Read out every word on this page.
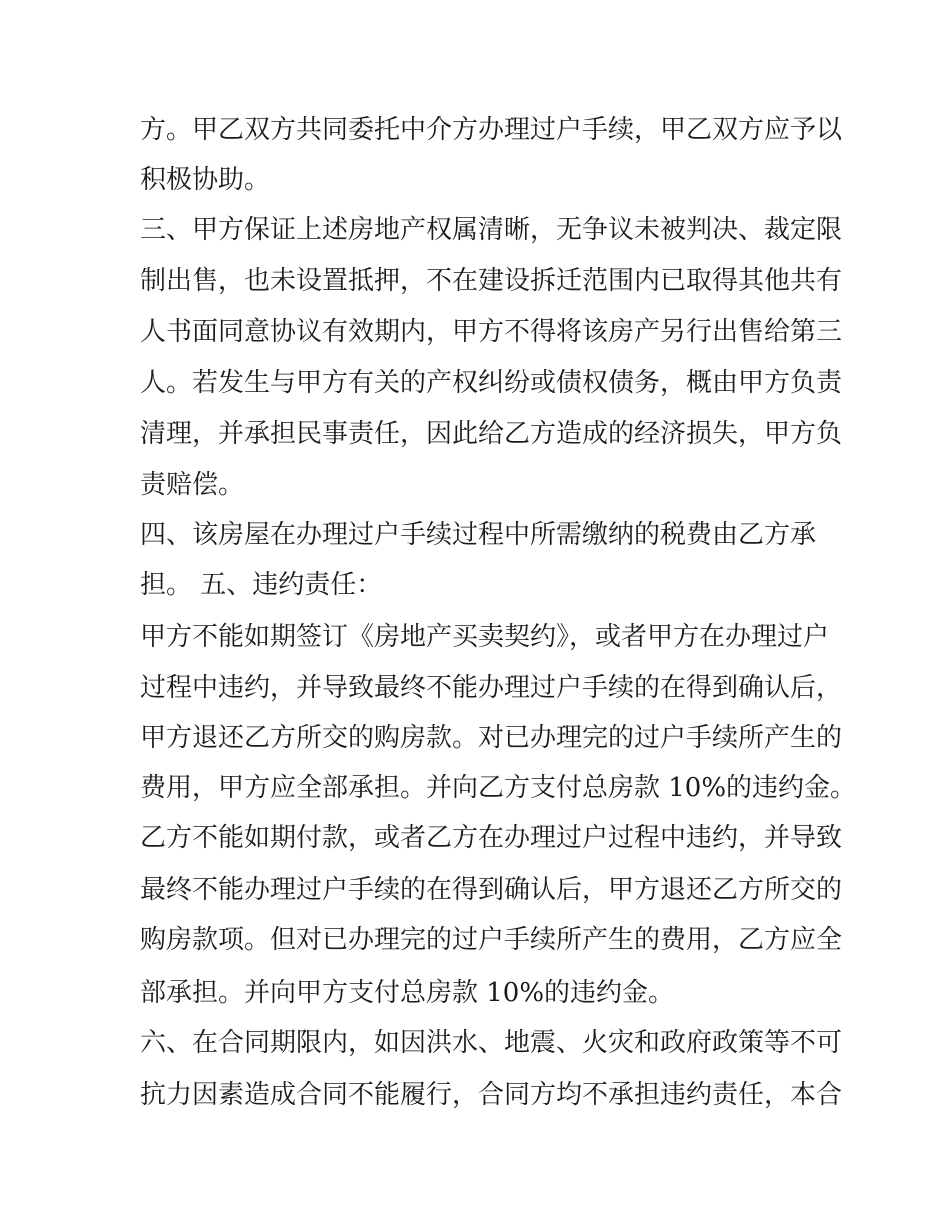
方。甲乙双方共同委托中介方办理过户手续，甲乙双方应予以
积极协助。
三、甲方保证上述房地产权属清晰，无争议未被判决、裁定限
制出售，也未设置抵押，不在建设拆迁范围内已取得其他共有
人书面同意协议有效期内，甲方不得将该房产另行出售给第三
人。若发生与甲方有关的产权纠纷或债权债务，概由甲方负责
清理，并承担民事责任，因此给乙方造成的经济损失，甲方负
责赔偿。
四、该房屋在办理过户手续过程中所需缴纳的税费由乙方承
担。 五、违约责任：
甲方不能如期签订《房地产买卖契约》，或者甲方在办理过户
过程中违约，并导致最终不能办理过户手续的在得到确认后，
甲方退还乙方所交的购房款。对已办理完的过户手续所产生的
费用，甲方应全部承担。并向乙方支付总房款 10%的违约金。
乙方不能如期付款，或者乙方在办理过户过程中违约，并导致
最终不能办理过户手续的在得到确认后，甲方退还乙方所交的
购房款项。但对已办理完的过户手续所产生的费用，乙方应全
部承担。并向甲方支付总房款 10%的违约金。
六、在合同期限内，如因洪水、地震、火灾和政府政策等不可
抗力因素造成合同不能履行，合同方均不承担违约责任，本合
